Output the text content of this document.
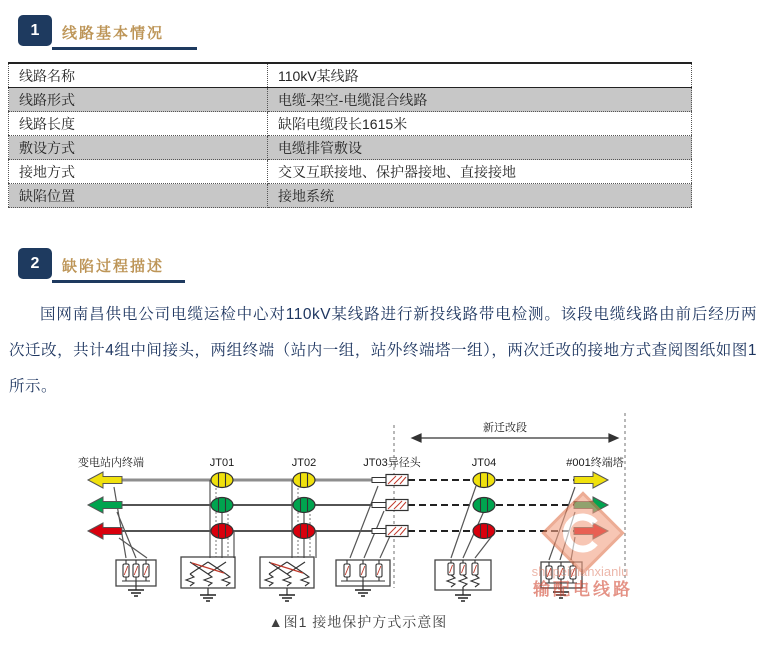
1	线路基本情况
线路名称	110kV某线路
线路形式	电缆-架空-电缆混合线路
线路长度	缺陷电缆段长1615米
敷设方式	电缆排管敷设
接地方式	交叉互联接地、保护器接地、直接接地
缺陷位置	接地系统
2	缺陷过程描述
国网南昌供电公司电缆运检中心对110kV某线路进行新投线路带电检测。该段电缆线路由前后经历两次迁改，共计4组中间接头，两组终端（站内一组，站外终端塔一组），两次迁改的接地方式查阅图纸如图1所示。
新迁改段
变电站内终端	JT01	JT02	JT03异径头	JT04	#001终端塔
shupeidianxianlu
输配电线路
▲图1 接地保护方式示意图
